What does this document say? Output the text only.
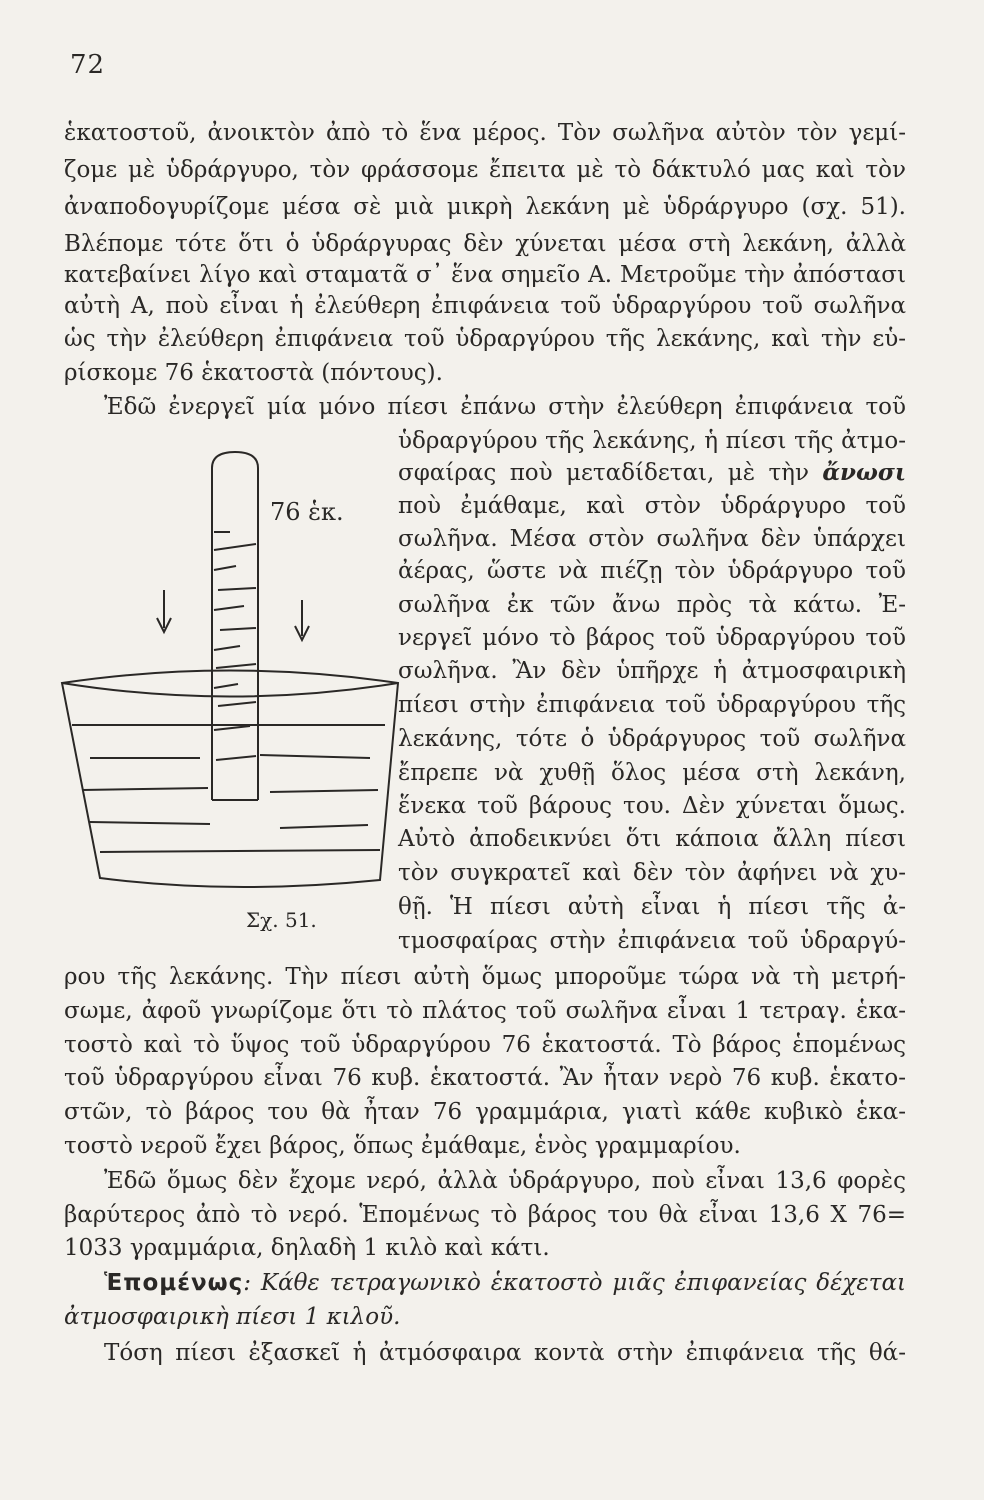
72
ἑκατοστοῦ, ἀνοικτὸν ἀπὸ τὸ ἕνα μέρος. Τὸν σωλῆνα αὐτὸν τὸν γεμί-
ζομε μὲ ὑδράργυρο, τὸν φράσσομε ἔπειτα μὲ τὸ δάκτυλό μας καὶ τὸν
ἀναποδογυρίζομε μέσα σὲ μιὰ μικρὴ λεκάνη μὲ ὑδράργυρο (σχ. 51).
Βλέπομε τότε ὅτι ὁ ὑδράργυρας δὲν χύνεται μέσα στὴ λεκάνη, ἀλλὰ
κατεβαίνει λίγο καὶ σταματᾶ σ᾽ ἕνα σημεῖο Α. Μετροῦμε τὴν ἀπόστασι
αὐτὴ Α, ποὺ εἶναι ἡ ἐλεύθερη ἐπιφάνεια τοῦ ὑδραργύρου τοῦ σωλῆνα
ὡς τὴν ἐλεύθερη ἐπιφάνεια τοῦ ὑδραργύρου τῆς λεκάνης, καὶ τὴν εὑ-
ρίσκομε 76 ἑκατοστὰ (πόντους).
Ἐδῶ ἐνεργεῖ μία μόνο πίεσι ἐπάνω στὴν ἐλεύθερη ἐπιφάνεια τοῦ
ὑδραργύρου τῆς λεκάνης, ἡ πίεσι τῆς ἀτμο-
σφαίρας ποὺ μεταδίδεται, μὲ τὴν ἄνωσι
ποὺ ἐμάθαμε, καὶ στὸν ὑδράργυρο τοῦ
σωλῆνα. Μέσα στὸν σωλῆνα δὲν ὑπάρχει
ἀέρας, ὥστε νὰ πιέζῃ τὸν ὑδράργυρο τοῦ
σωλῆνα ἐκ τῶν ἄνω πρὸς τὰ κάτω. Ἐ-
νεργεῖ μόνο τὸ βάρος τοῦ ὑδραργύρου τοῦ
σωλῆνα. Ἂν δὲν ὑπῆρχε ἡ ἀτμοσφαιρικὴ
πίεσι στὴν ἐπιφάνεια τοῦ ὑδραργύρου τῆς
λεκάνης, τότε ὁ ὑδράργυρος τοῦ σωλῆνα
ἔπρεπε νὰ χυθῇ ὅλος μέσα στὴ λεκάνη,
ἕνεκα τοῦ βάρους του. Δὲν χύνεται ὅμως.
Αὐτὸ ἀποδεικνύει ὅτι κάποια ἄλλη πίεσι
τὸν συγκρατεῖ καὶ δὲν τὸν ἀφήνει νὰ χυ-
θῇ. Ἡ πίεσι αὐτὴ εἶναι ἡ πίεσι τῆς ἀ-
τμοσφαίρας στὴν ἐπιφάνεια τοῦ ὑδραργύ-
76 ἑκ.
Σχ. 51.
ρου τῆς λεκάνης. Τὴν πίεσι αὐτὴ ὅμως μποροῦμε τώρα νὰ τὴ μετρή-
σωμε, ἀφοῦ γνωρίζομε ὅτι τὸ πλάτος τοῦ σωλῆνα εἶναι 1 τετραγ. ἑκα-
τοστὸ καὶ τὸ ὕψος τοῦ ὑδραργύρου 76 ἑκατοστά. Τὸ βάρος ἑπομένως
τοῦ ὑδραργύρου εἶναι 76 κυβ. ἑκατοστά. Ἂν ἦταν νερὸ 76 κυβ. ἑκατο-
στῶν, τὸ βάρος του θὰ ἦταν 76 γραμμάρια, γιατὶ κάθε κυβικὸ ἑκα-
τοστὸ νεροῦ ἔχει βάρος, ὅπως ἐμάθαμε, ἑνὸς γραμμαρίου.
Ἐδῶ ὅμως δὲν ἔχομε νερό, ἀλλὰ ὑδράργυρο, ποὺ εἶναι 13,6 φορὲς
βαρύτερος ἀπὸ τὸ νερό. Ἑπομένως τὸ βάρος του θὰ εἶναι 13,6 Χ 76=
1033 γραμμάρια, δηλαδὴ 1 κιλὸ καὶ κάτι.
Ἑπομένως: Κάθε τετραγωνικὸ ἑκατοστὸ μιᾶς ἐπιφανείας δέχεται
ἀτμοσφαιρικὴ πίεσι 1 κιλοῦ.
Τόση πίεσι ἐξασκεῖ ἡ ἀτμόσφαιρα κοντὰ στὴν ἐπιφάνεια τῆς θά-
